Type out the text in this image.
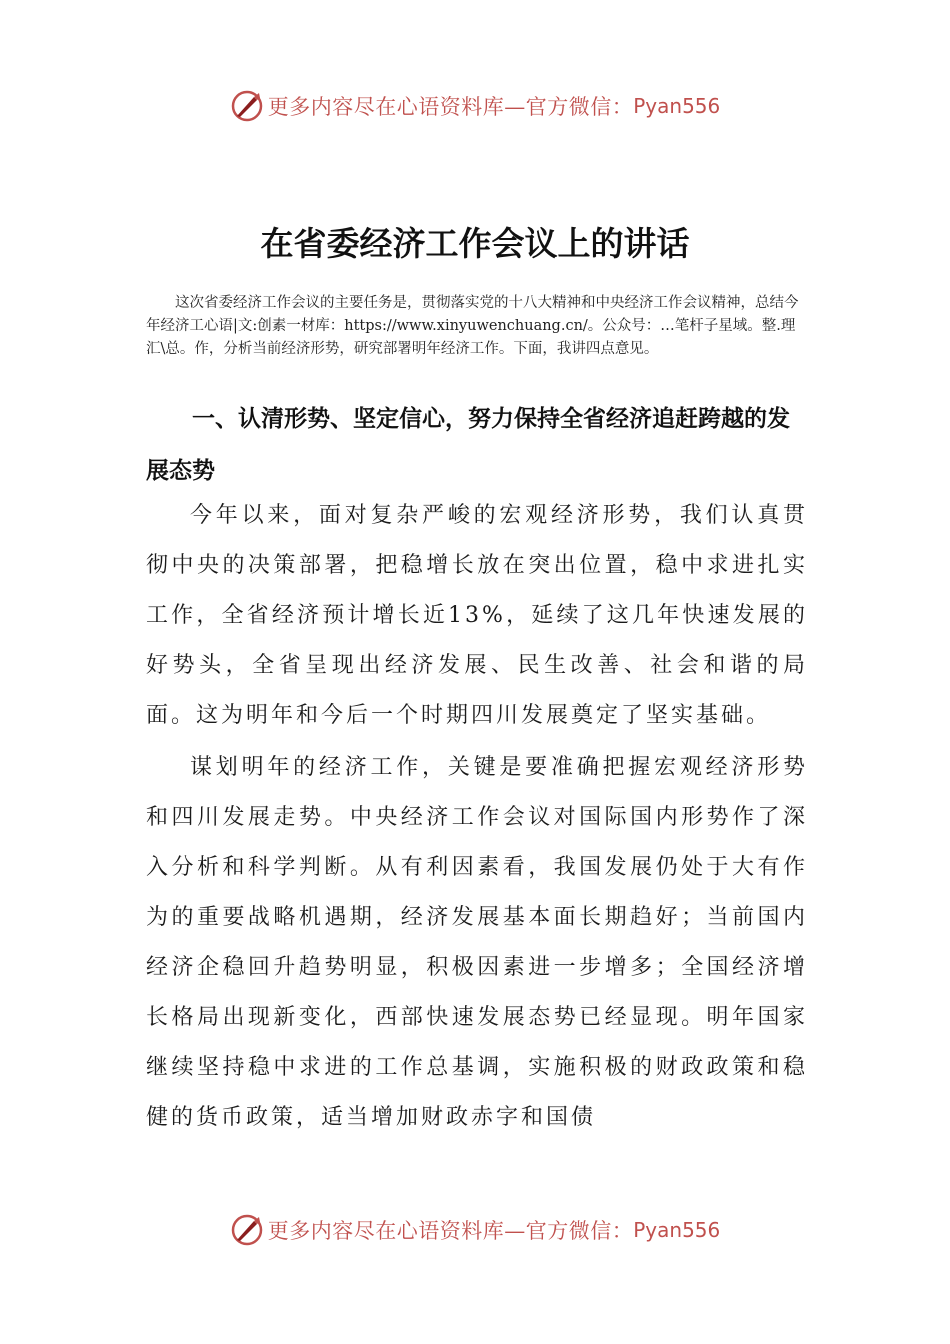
更多内容尽在心语资料库—官方微信： Pyan556
在省委经济工作会议上的讲话

这次省委经济工作会议的主要任务是，贯彻落实党的十八大精神和中央经济工作会议精神，总结今年经济工心语|文:创素一材库：https://www.xinyuwenchuang.cn/。公众号：…笔杆子星域。整.理汇\总。作，分析当前经济形势，研究部署明年经济工作。下面，我讲四点意见。

一、认清形势、坚定信心，努力保持全省经济追赶跨越的发展态势

今年以来，面对复杂严峻的宏观经济形势，我们认真贯彻中央的决策部署，把稳增长放在突出位置，稳中求进扎实工作，全省经济预计增长近13%，延续了这几年快速发展的好势头，全省呈现出经济发展、民生改善、社会和谐的局面。这为明年和今后一个时期四川发展奠定了坚实基础。

谋划明年的经济工作，关键是要准确把握宏观经济形势和四川发展走势。中央经济工作会议对国际国内形势作了深入分析和科学判断。从有利因素看，我国发展仍处于大有作为的重要战略机遇期，经济发展基本面长期趋好；当前国内经济企稳回升趋势明显，积极因素进一步增多；全国经济增长格局出现新变化，西部快速发展态势已经显现。明年国家继续坚持稳中求进的工作总基调，实施积极的财政政策和稳健的货币政策，适当增加财政赤字和国债

更多内容尽在心语资料库—官方微信： Pyan556
